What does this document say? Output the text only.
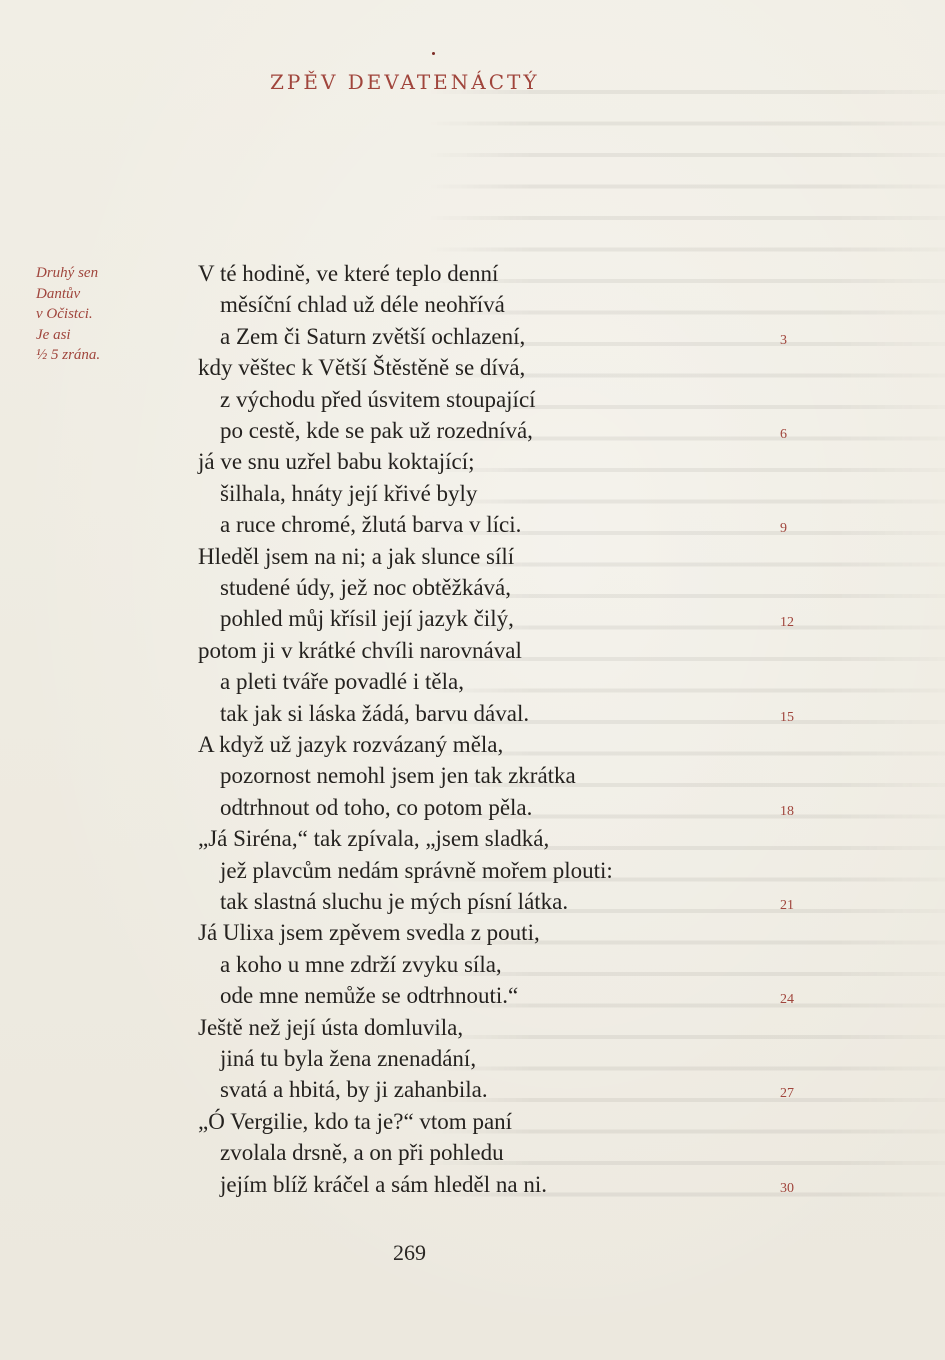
ZPĚV DEVATENÁCTÝ
Druhý sen
Dantův
v Očistci.
Je asi
½ 5 zrána.
V té hodině, ve které teplo denní
měsíční chlad už déle neohřívá
a Zem či Saturn zvětší ochlazení,
kdy věštec k Větší Štěstěně se dívá,
z východu před úsvitem stoupající
po cestě, kde se pak už rozednívá,
já ve snu uzřel babu koktající;
šilhala, hnáty její křivé byly
a ruce chromé, žlutá barva v líci.
Hleděl jsem na ni; a jak slunce sílí
studené údy, jež noc obtěžkává,
pohled můj křísil její jazyk čilý,
potom ji v krátké chvíli narovnával
a pleti tváře povadlé i těla,
tak jak si láska žádá, barvu dával.
A když už jazyk rozvázaný měla,
pozornost nemohl jsem jen tak zkrátka
odtrhnout od toho, co potom pěla.
„Já Siréna,“ tak zpívala, „jsem sladká,
jež plavcům nedám správně mořem plouti:
tak slastná sluchu je mých písní látka.
Já Ulixa jsem zpěvem svedla z pouti,
a koho u mne zdrží zvyku síla,
ode mne nemůže se odtrhnouti.“
Ještě než její ústa domluvila,
jiná tu byla žena znenadání,
svatá a hbitá, by ji zahanbila.
„Ó Vergilie, kdo ta je?“ vtom paní
zvolala drsně, a on při pohledu
jejím blíž kráčel a sám hleděl na ni.
3
6
9
12
15
18
21
24
27
30
269
